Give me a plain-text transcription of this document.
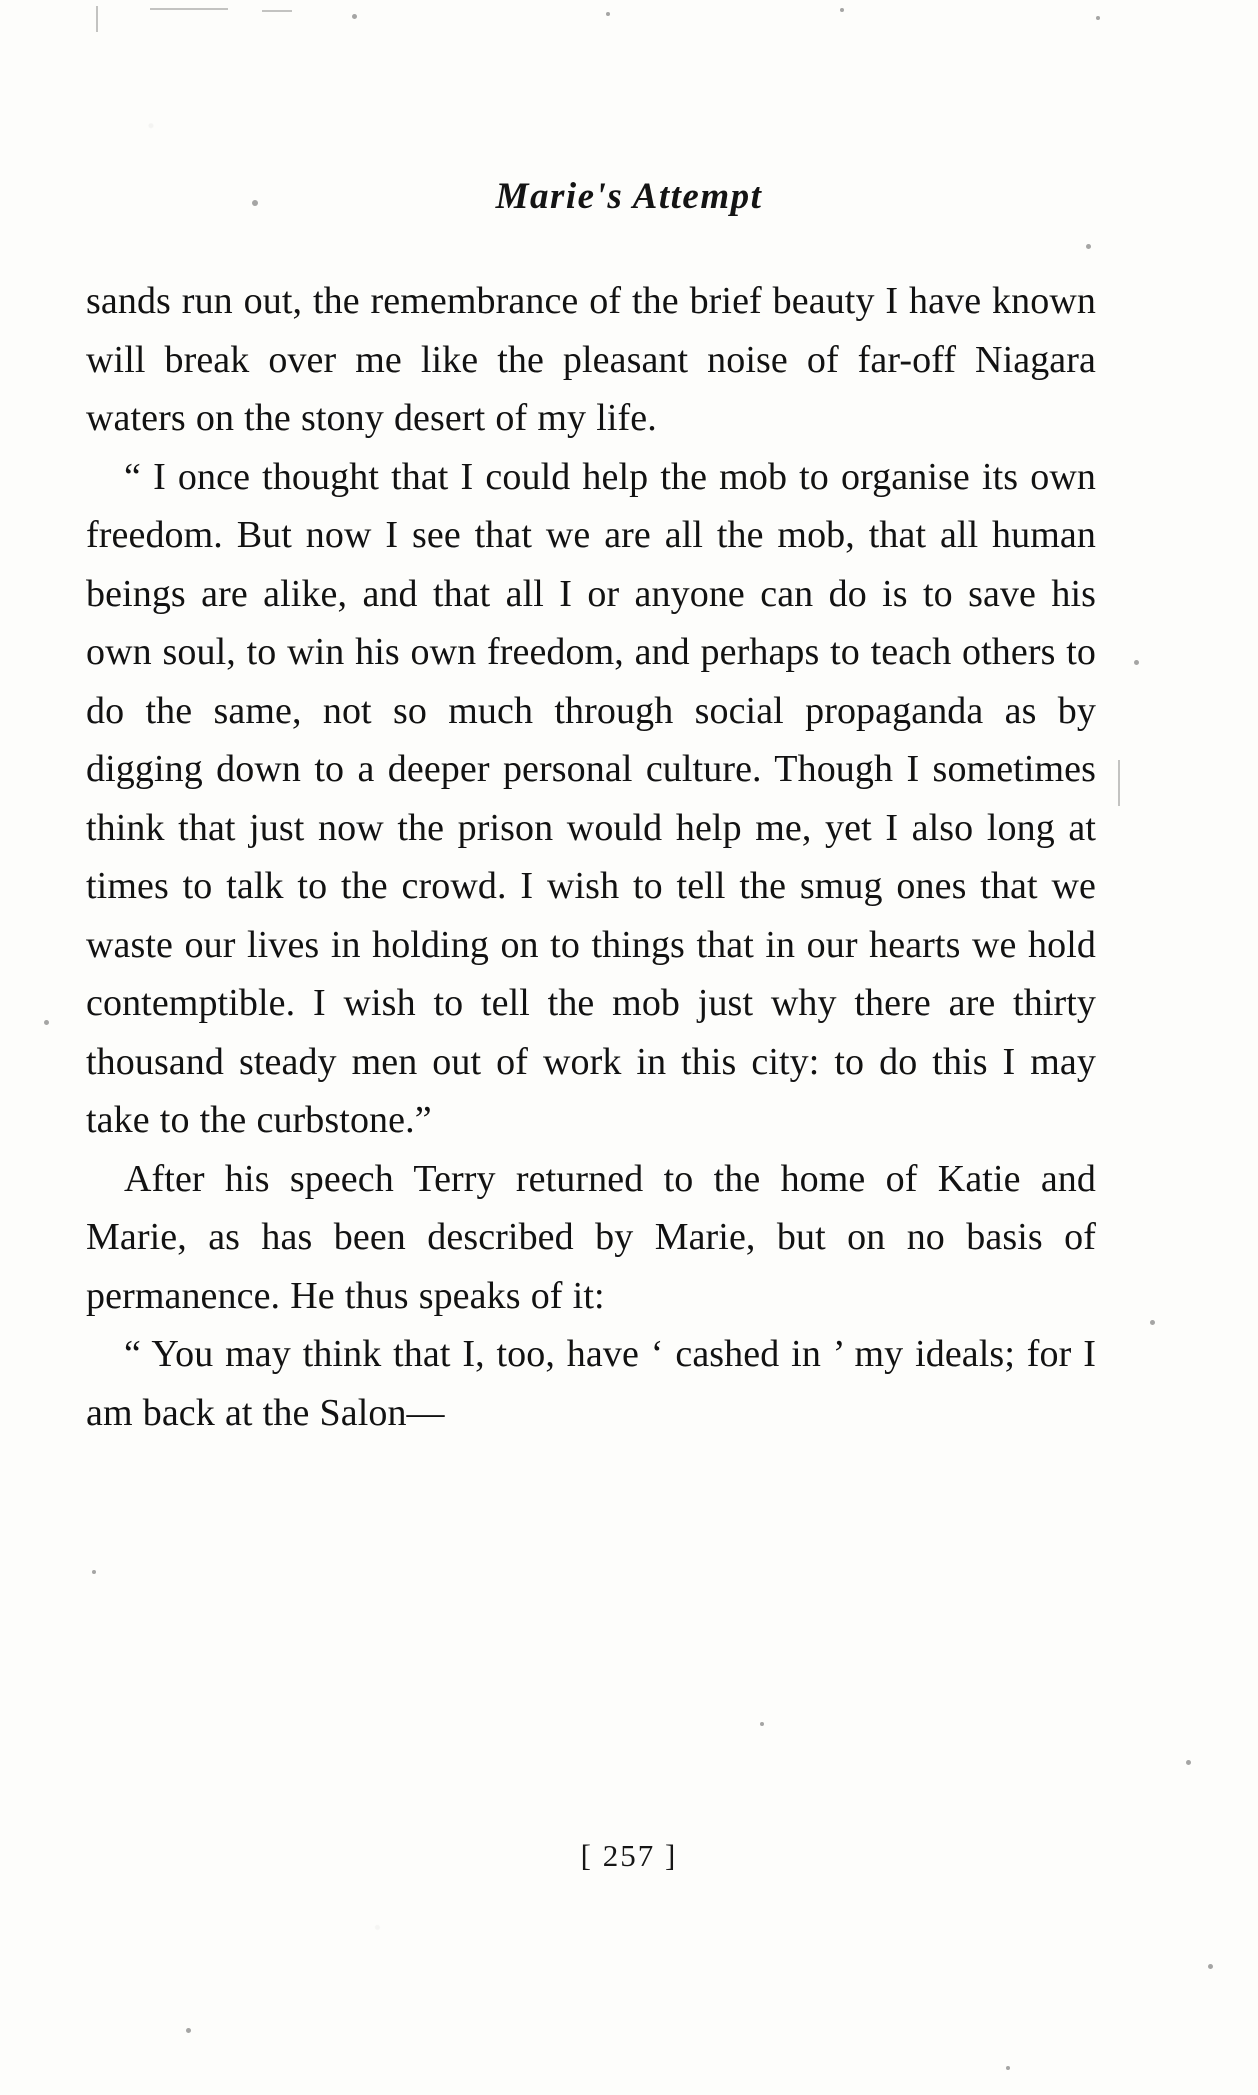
Marie's Attempt

sands run out, the remembrance of the brief beauty I have known will break over me like the pleasant noise of far-off Niagara waters on the stony desert of my life.

“ I once thought that I could help the mob to organise its own freedom. But now I see that we are all the mob, that all human beings are alike, and that all I or anyone can do is to save his own soul, to win his own freedom, and perhaps to teach others to do the same, not so much through social propaganda as by digging down to a deeper personal culture. Though I sometimes think that just now the prison would help me, yet I also long at times to talk to the crowd. I wish to tell the smug ones that we waste our lives in holding on to things that in our hearts we hold contemptible. I wish to tell the mob just why there are thirty thousand steady men out of work in this city: to do this I may take to the curbstone.”

After his speech Terry returned to the home of Katie and Marie, as has been described by Marie, but on no basis of permanence. He thus speaks of it:

“ You may think that I, too, have ‘ cashed in ’ my ideals; for I am back at the Salon—

[ 257 ]
